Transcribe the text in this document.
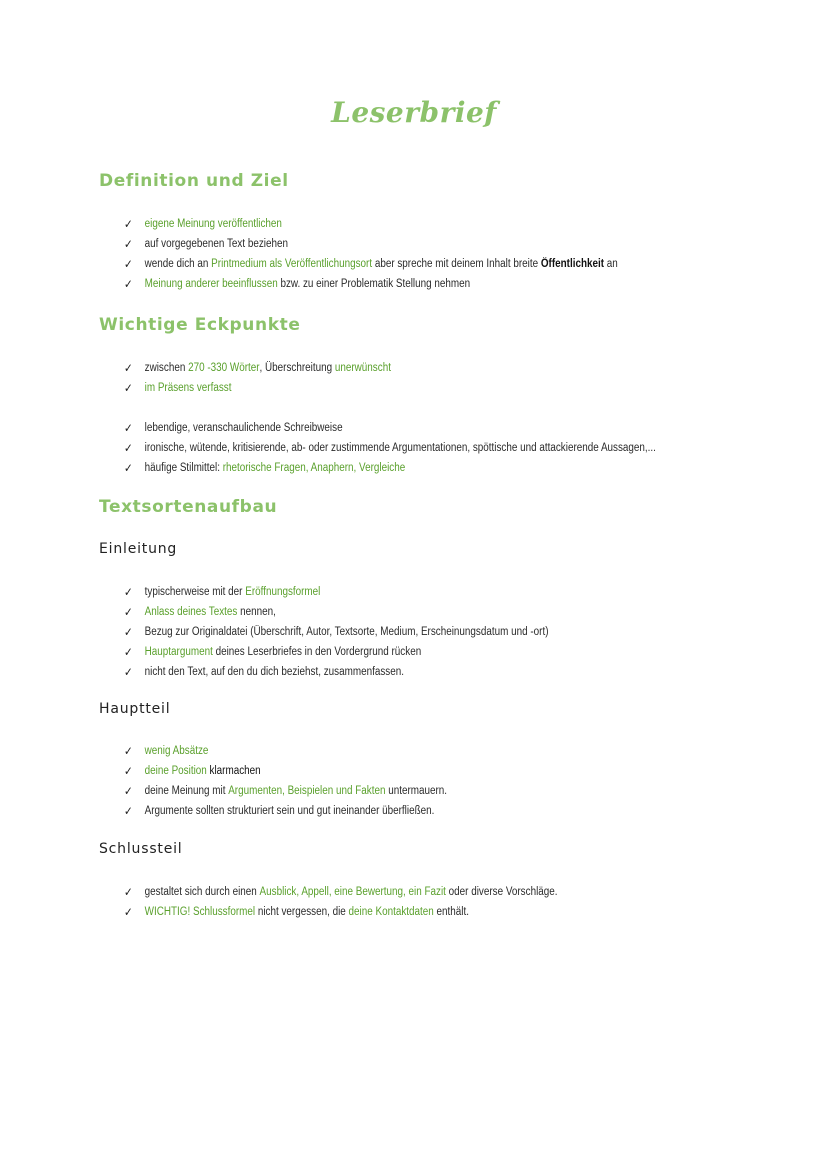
Leserbrief
Definition und Ziel
✓	eigene Meinung veröffentlichen
✓	auf vorgegebenen Text beziehen
✓	wende dich an Printmedium als Veröffentlichungsort aber spreche mit deinem Inhalt breite Öffentlichkeit an
✓	Meinung anderer beeinflussen bzw. zu einer Problematik Stellung nehmen
Wichtige Eckpunkte
✓	zwischen 270 -330 Wörter , Überschreitung unerwünscht
✓	im Präsens verfasst
✓	lebendige, veranschaulichende Schreibweise
✓	ironische, wütende, kritisierende, ab- oder zustimmende Argumentationen, spöttische und attackierende Aussagen,...
✓	häufige Stilmittel: rhetorische Fragen, Anaphern, Vergleiche
Textsortenaufbau
Einleitung
✓	typischerweise mit der Eröffnungsformel
✓	Anlass deines Textes nennen,
✓	Bezug zur Originaldatei (Überschrift, Autor, Textsorte, Medium, Erscheinungsdatum und -ort)
✓	Hauptargument deines Leserbriefes in den Vordergrund rücken
✓	nicht den Text, auf den du dich beziehst, zusammenfassen.
Hauptteil
✓	wenig Absätze
✓	deine Position klarmachen
✓	deine Meinung mit Argumenten, Beispielen und Fakten untermauern.
✓	Argumente sollten strukturiert sein und gut ineinander überfließen.
Schlussteil
✓	gestaltet sich durch einen Ausblick, Appell, eine Bewertung, ein Fazit oder diverse Vorschläge.
✓	WICHTIG! Schlussformel nicht vergessen, die deine Kontaktdaten enthält.
